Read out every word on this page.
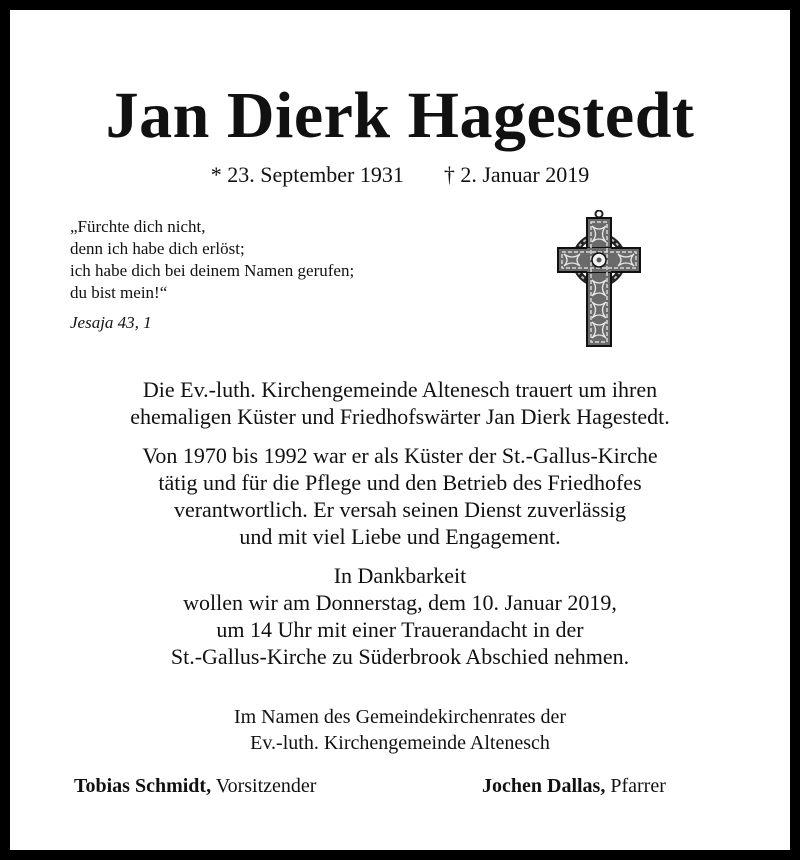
Jan Dierk Hagestedt
* 23. September 1931 † 2. Januar 2019
„Fürchte dich nicht,
denn ich habe dich erlöst;
ich habe dich bei deinem Namen gerufen;
du bist mein!“
Jesaja 43, 1
Die Ev.-luth. Kirchengemeinde Altenesch trauert um ihren
ehemaligen Küster und Friedhofswärter Jan Dierk Hagestedt.
Von 1970 bis 1992 war er als Küster der St.-Gallus-Kirche
tätig und für die Pflege und den Betrieb des Friedhofes
verantwortlich. Er versah seinen Dienst zuverlässig
und mit viel Liebe und Engagement.
In Dankbarkeit
wollen wir am Donnerstag, dem 10. Januar 2019,
um 14 Uhr mit einer Trauerandacht in der
St.-Gallus-Kirche zu Süderbrook Abschied nehmen.
Im Namen des Gemeindekirchenrates der
Ev.-luth. Kirchengemeinde Altenesch
Tobias Schmidt, Vorsitzender	Jochen Dallas, Pfarrer
